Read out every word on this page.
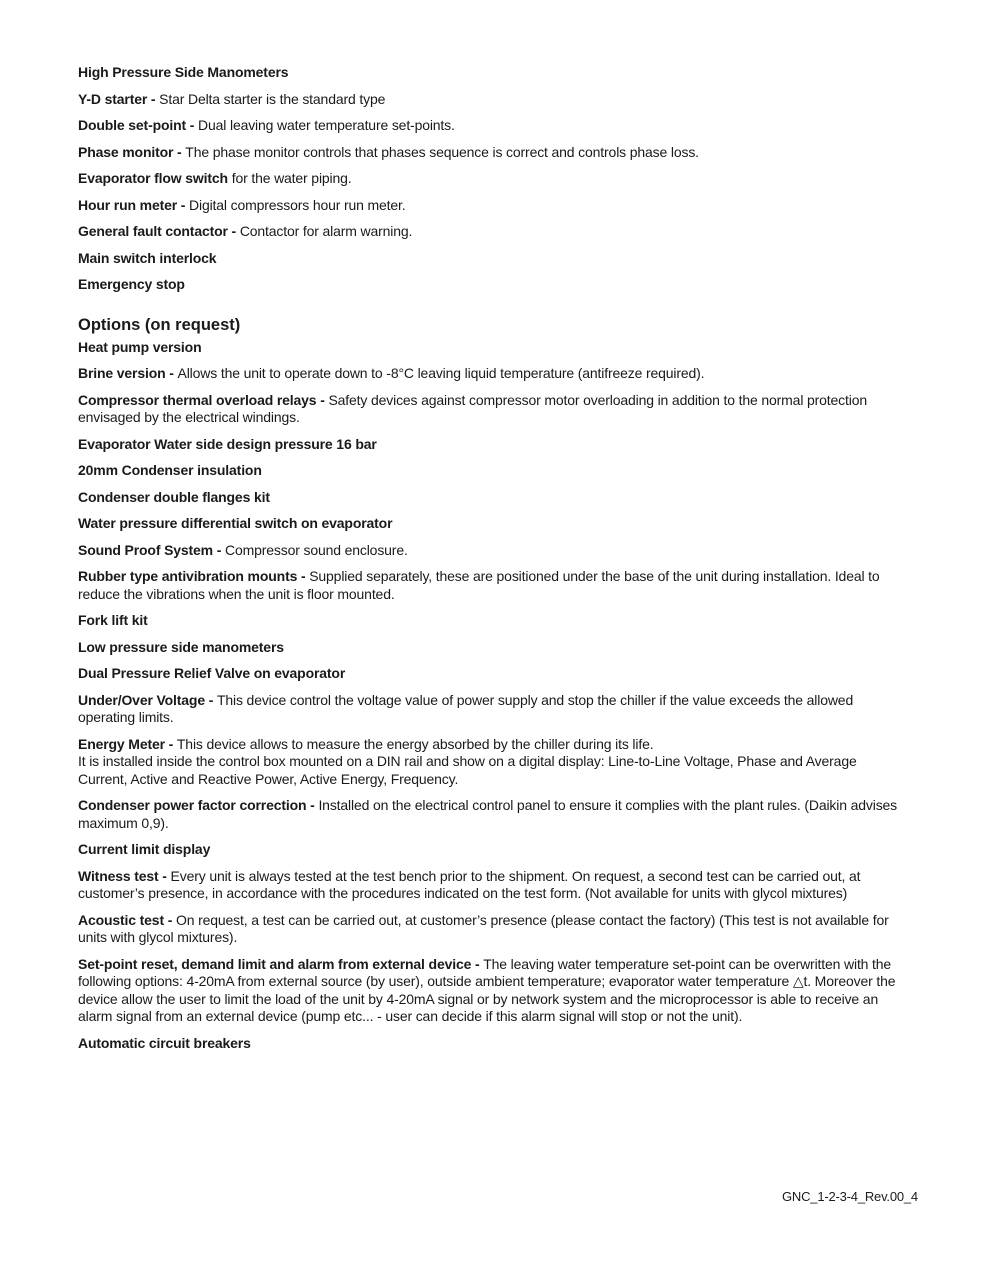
High Pressure Side Manometers
Y-D starter - Star Delta starter is the standard type
Double set-point - Dual leaving water temperature set-points.
Phase monitor - The phase monitor controls that phases sequence is correct and controls phase loss.
Evaporator flow switch for the water piping.
Hour run meter - Digital compressors hour run meter.
General fault contactor - Contactor for alarm warning.
Main switch interlock
Emergency stop
Options (on request)
Heat pump version
Brine version - Allows the unit to operate down to -8°C leaving liquid temperature (antifreeze required).
Compressor thermal overload relays - Safety devices against compressor motor overloading in addition to the normal protection envisaged by the electrical windings.
Evaporator Water side design pressure 16 bar
20mm Condenser insulation
Condenser double flanges kit
Water pressure differential switch on evaporator
Sound Proof System - Compressor sound enclosure.
Rubber type antivibration mounts - Supplied separately, these are positioned under the base of the unit during installation. Ideal to reduce the vibrations when the unit is floor mounted.
Fork lift kit
Low pressure side manometers
Dual Pressure Relief Valve on evaporator
Under/Over Voltage - This device control the voltage value of power supply and stop the chiller if the value exceeds the allowed operating limits.
Energy Meter - This device allows to measure the energy absorbed by the chiller during its life.
It is installed inside the control box mounted on a DIN rail and show on a digital display: Line-to-Line Voltage, Phase and Average Current, Active and Reactive Power, Active Energy, Frequency.
Condenser power factor correction - Installed on the electrical control panel to ensure it complies with the plant rules. (Daikin advises maximum 0,9).
Current limit display
Witness test - Every unit is always tested at the test bench prior to the shipment. On request, a second test can be carried out, at customer’s presence, in accordance with the procedures indicated on the test form. (Not available for units with glycol mixtures)
Acoustic test - On request, a test can be carried out, at customer’s presence (please contact the factory) (This test is not available for units with glycol mixtures).
Set-point reset, demand limit and alarm from external device - The leaving water temperature set-point can be overwritten with the following options: 4-20mA from external source (by user), outside ambient temperature; evaporator water temperature △t. Moreover the device allow the user to limit the load of the unit by 4-20mA signal or by network system and the microprocessor is able to receive an alarm signal from an external device (pump etc... - user can decide if this alarm signal will stop or not the unit).
Automatic circuit breakers
GNC_1-2-3-4_Rev.00_4
